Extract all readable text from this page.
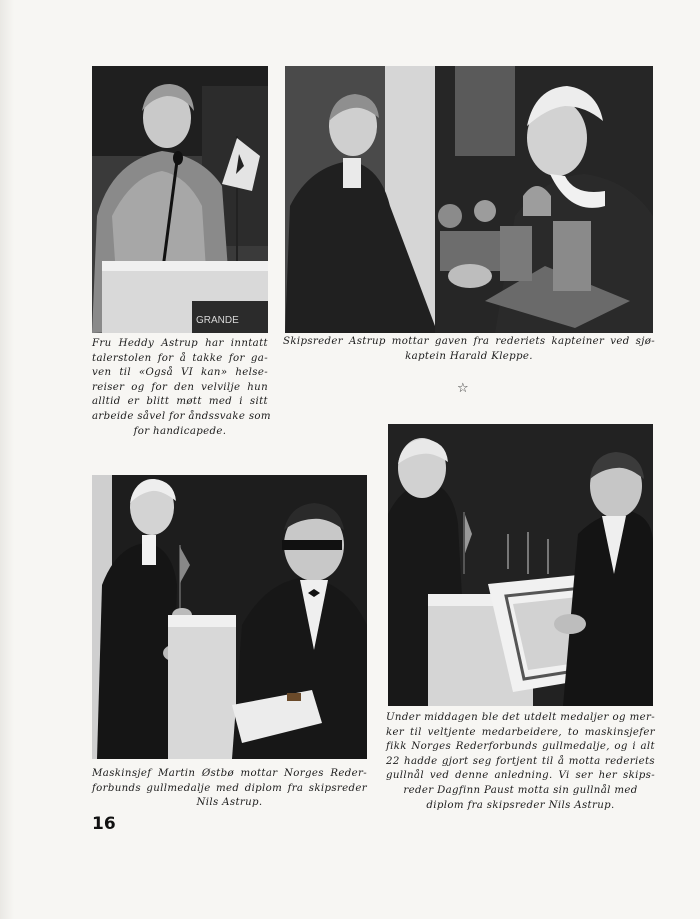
GRANDE
Fru Heddy Astrup har inntatt
talerstolen for å takke for ga-
ven til «Også VI kan» helse-
reiser og for den velvilje hun
alltid er blitt møtt med i sitt
arbeide såvel for åndssvake som
for handicapede.
Skipsreder Astrup mottar gaven fra rederiets kapteiner ved sjø-
kaptein Harald Kleppe.
☆
Maskinsjef Martin Østbø mottar Norges Reder-
forbunds gullmedalje med diplom fra skipsreder
Nils Astrup.
Under middagen ble det utdelt medaljer og mer-
ker til veltjente medarbeidere, to maskinsjefer
fikk Norges Rederforbunds gullmedalje, og i alt
22 hadde gjort seg fortjent til å motta rederiets
gullnål ved denne anledning. Vi ser her skips-
reder Dagfinn Paust motta sin gullnål med
diplom fra skipsreder Nils Astrup.
16
